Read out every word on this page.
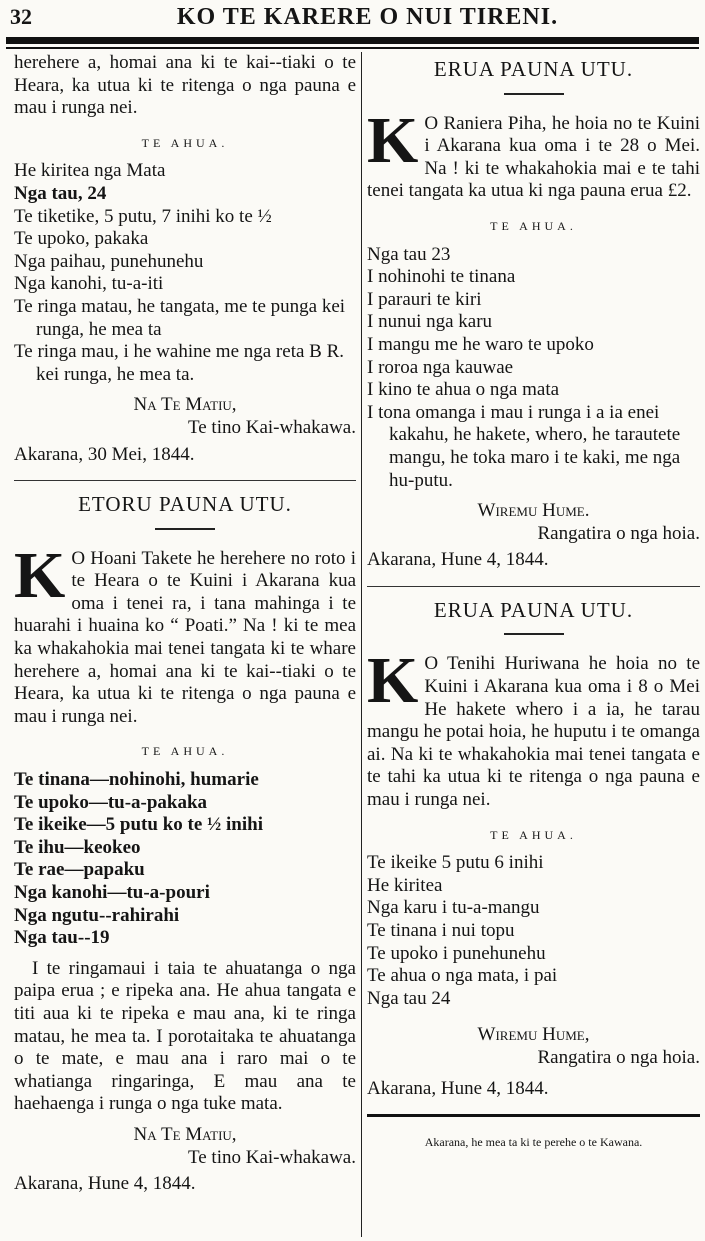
32	KO TE KARERE O NUI TIRENI.
herehere a, homai ana ki te kai--tiaki o te Heara, ka utua ki te ritenga o nga pauna e mau i runga nei.
TE AHUA.
He kiritea nga Mata
Nga tau, 24
Te tiketike, 5 putu, 7 inihi ko te ½
Te upoko, pakaka
Nga paihau, punehunehu
Nga kanohi, tu-a-iti
Te ringa matau, he tangata, me te punga kei runga, he mea ta
Te ringa mau, i he wahine me nga reta B R. kei runga, he mea ta.
Na Te Matiu,
Te tino Kai-whakawa.
Akarana, 30 Mei, 1844.
ETORU PAUNA UTU.
K O Hoani Takete he herehere no roto i te Heara o te Kuini i Akarana kua oma i tenei ra, i tana mahinga i te huarahi i huaina ko “ Poati.” Na ! ki te mea ka whakahokia mai tenei tangata ki te whare herehere a, homai ana ki te kai--tiaki o te Heara, ka utua ki te ritenga o nga pauna e mau i runga nei.
TE AHUA.
Te tinana—nohinohi, humarie
Te upoko—tu-a-pakaka
Te ikeike—5 putu ko te ½ inihi
Te ihu—keokeo
Te rae—papaku
Nga kanohi—tu-a-pouri
Nga ngutu--rahirahi
Nga tau--19
I te ringamaui i taia te ahuatanga o nga paipa erua ; e ripeka ana. He ahua tangata e titi aua ki te ripeka e mau ana, ki te ringa matau, he mea ta. I porotaitaka te ahuatanga o te mate, e mau ana i raro mai o te whatianga ringaringa, E mau ana te haehaenga i runga o nga tuke mata.
Na Te Matiu,
Te tino Kai-whakawa.
Akarana, Hune 4, 1844.
ERUA PAUNA UTU.
K O Raniera Piha, he hoia no te Kuini i Akarana kua oma i te 28 o Mei. Na ! ki te whakahokia mai e te tahi tenei tangata ka utua ki nga pauna erua £2.
TE AHUA.
Nga tau 23
I nohinohi te tinana
I parauri te kiri
I nunui nga karu
I mangu me he waro te upoko
I roroa nga kauwae
I kino te ahua o nga mata
I tona omanga i mau i runga i a ia enei kakahu, he hakete, whero, he tarautete mangu, he toka maro i te kaki, me nga hu-putu.
Wiremu Hume.
Rangatira o nga hoia.
Akarana, Hune 4, 1844.
ERUA PAUNA UTU.
K O Tenihi Huriwana he hoia no te Kuini i Akarana kua oma i 8 o Mei He hakete whero i a ia, he tarau mangu he potai hoia, he huputu i te omanga ai. Na ki te whakahokia mai tenei tangata e te tahi ka utua ki te ritenga o nga pauna e mau i runga nei.
TE AHUA.
Te ikeike 5 putu 6 inihi
He kiritea
Nga karu i tu-a-mangu
Te tinana i nui topu
Te upoko i punehunehu
Te ahua o nga mata, i pai
Nga tau 24
Wiremu Hume,
Rangatira o nga hoia.
Akarana, Hune 4, 1844.
Akarana, he mea ta ki te perehe o te Kawana.
